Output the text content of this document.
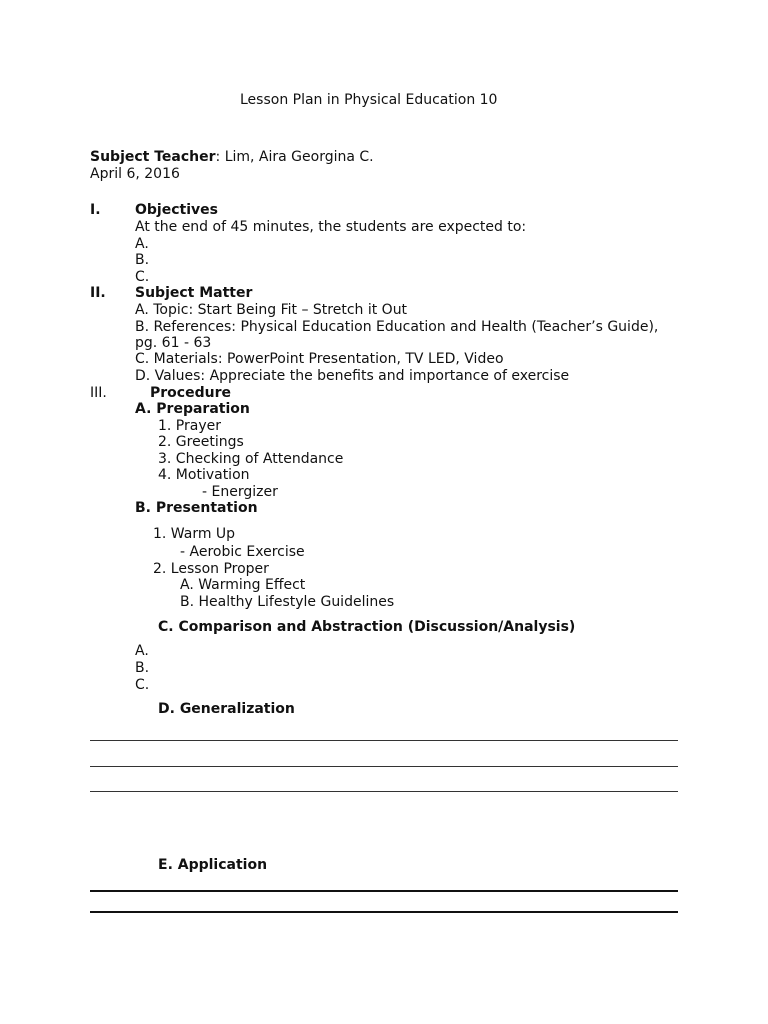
Lesson Plan in Physical Education 10
Subject Teacher: Lim, Aira Georgina C.
April 6, 2016
I. Objectives
At the end of 45 minutes, the students are expected to:
A.
B.
C.
II. Subject Matter
A. Topic: Start Being Fit – Stretch it Out
B. References: Physical Education Education and Health (Teacher’s Guide),
pg. 61 - 63
C. Materials: PowerPoint Presentation, TV LED, Video
D. Values: Appreciate the benefits and importance of exercise
III.	Procedure
A. Preparation
1. Prayer
2. Greetings
3. Checking of Attendance
4. Motivation
- Energizer
B. Presentation
1. Warm Up
- Aerobic Exercise
2. Lesson Proper
A. Warming Effect
B. Healthy Lifestyle Guidelines
C. Comparison and Abstraction (Discussion/Analysis)
A.
B.
C.
D. Generalization
E. Application
